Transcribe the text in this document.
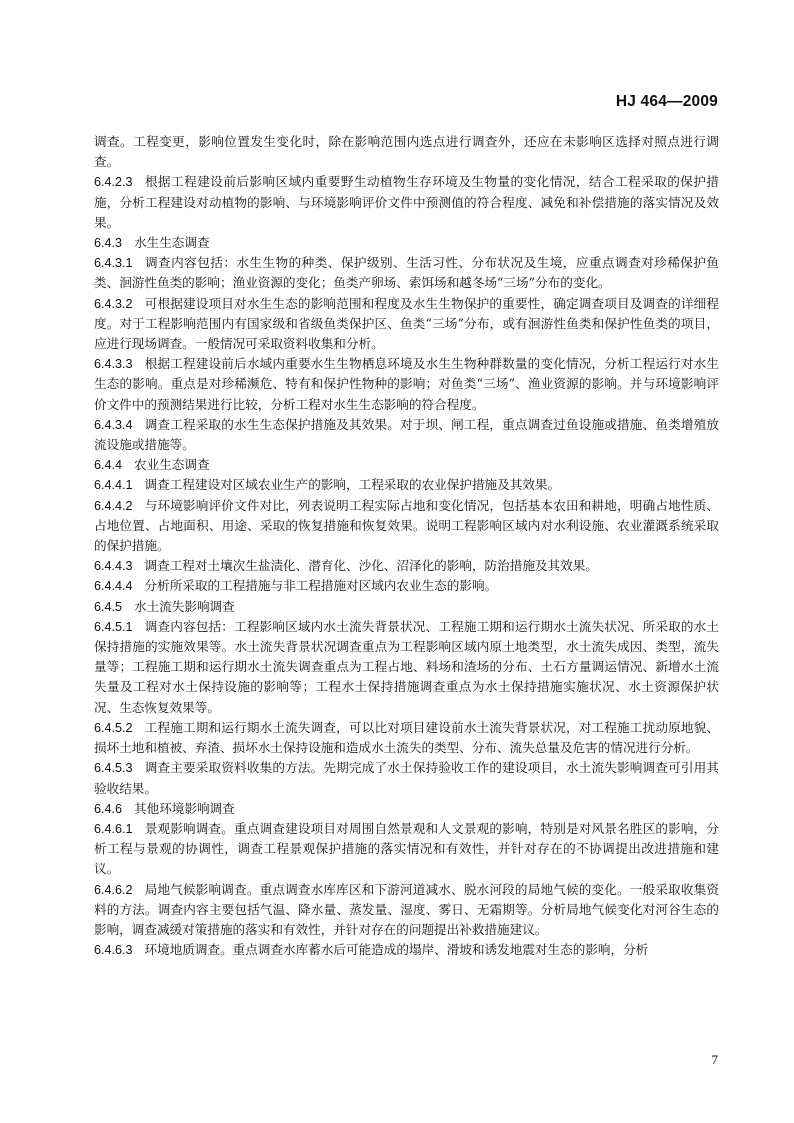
HJ 464—2009

调查。工程变更，影响位置发生变化时，除在影响范围内选点进行调查外，还应在未影响区选择对照点进行调查。

6.4.2.3 根据工程建设前后影响区域内重要野生动植物生存环境及生物量的变化情况，结合工程采取的保护措施，分析工程建设对动植物的影响、与环境影响评价文件中预测值的符合程度、减免和补偿措施的落实情况及效果。

6.4.3 水生生态调查

6.4.3.1 调查内容包括：水生生物的种类、保护级别、生活习性、分布状况及生境，应重点调查对珍稀保护鱼类、洄游性鱼类的影响；渔业资源的变化；鱼类产卵场、索饵场和越冬场“三场”分布的变化。

6.4.3.2 可根据建设项目对水生生态的影响范围和程度及水生生物保护的重要性，确定调查项目及调查的详细程度。对于工程影响范围内有国家级和省级鱼类保护区、鱼类“三场”分布，或有洄游性鱼类和保护性鱼类的项目，应进行现场调查。一般情况可采取资料收集和分析。

6.4.3.3 根据工程建设前后水域内重要水生生物栖息环境及水生生物种群数量的变化情况，分析工程运行对水生生态的影响。重点是对珍稀濒危、特有和保护性物种的影响；对鱼类“三场”、渔业资源的影响。并与环境影响评价文件中的预测结果进行比较，分析工程对水生生态影响的符合程度。

6.4.3.4 调查工程采取的水生生态保护措施及其效果。对于坝、闸工程，重点调查过鱼设施或措施、鱼类增殖放流设施或措施等。

6.4.4 农业生态调查

6.4.4.1 调查工程建设对区域农业生产的影响，工程采取的农业保护措施及其效果。

6.4.4.2 与环境影响评价文件对比，列表说明工程实际占地和变化情况，包括基本农田和耕地，明确占地性质、占地位置、占地面积、用途、采取的恢复措施和恢复效果。说明工程影响区域内对水利设施、农业灌溉系统采取的保护措施。

6.4.4.3 调查工程对土壤次生盐渍化、潜育化、沙化、沼泽化的影响，防治措施及其效果。

6.4.4.4 分析所采取的工程措施与非工程措施对区域内农业生态的影响。

6.4.5 水土流失影响调查

6.4.5.1 调查内容包括：工程影响区域内水土流失背景状况、工程施工期和运行期水土流失状况、所采取的水土保持措施的实施效果等。水土流失背景状况调查重点为工程影响区域内原土地类型，水土流失成因、类型，流失量等；工程施工期和运行期水土流失调查重点为工程占地、料场和渣场的分布、土石方量调运情况、新增水土流失量及工程对水土保持设施的影响等；工程水土保持措施调查重点为水土保持措施实施状况、水土资源保护状况、生态恢复效果等。

6.4.5.2 工程施工期和运行期水土流失调查，可以比对项目建设前水土流失背景状况，对工程施工扰动原地貌、损坏土地和植被、弃渣、损坏水土保持设施和造成水土流失的类型、分布、流失总量及危害的情况进行分析。

6.4.5.3 调查主要采取资料收集的方法。先期完成了水土保持验收工作的建设项目，水土流失影响调查可引用其验收结果。

6.4.6 其他环境影响调查

6.4.6.1 景观影响调查。重点调查建设项目对周围自然景观和人文景观的影响，特别是对风景名胜区的影响，分析工程与景观的协调性，调查工程景观保护措施的落实情况和有效性，并针对存在的不协调提出改进措施和建议。

6.4.6.2 局地气候影响调查。重点调查水库库区和下游河道减水、脱水河段的局地气候的变化。一般采取收集资料的方法。调查内容主要包括气温、降水量、蒸发量、湿度、雾日、无霜期等。分析局地气候变化对河谷生态的影响，调查减缓对策措施的落实和有效性，并针对存在的问题提出补救措施建议。

6.4.6.3 环境地质调查。重点调查水库蓄水后可能造成的塌岸、滑坡和诱发地震对生态的影响，分析

7
